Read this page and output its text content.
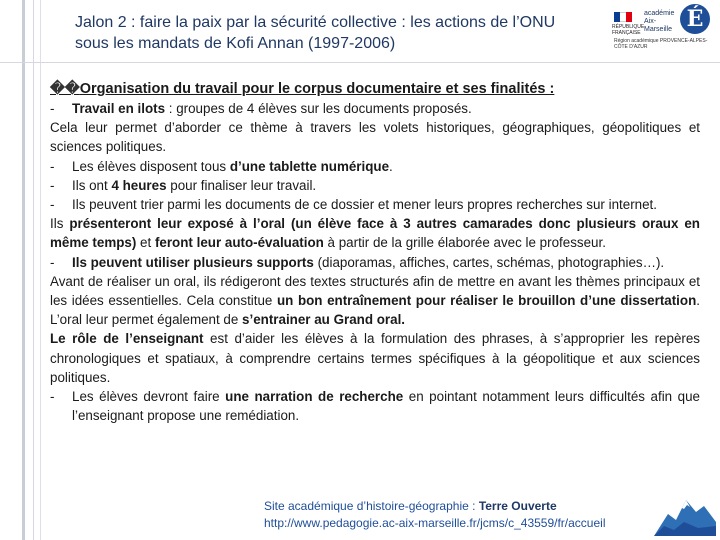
Jalon 2 : faire la paix par la sécurité collective : les actions de l’ONU sous les mandats de Kofi Annan (1997-2006)
RÉPUBLIQUE FRANÇAISE
académie Aix-Marseille É
Région académique PROVENCE-ALPES-CÔTE D'AZUR

��Organisation du travail pour le corpus documentaire et ses finalités :

-	Travail en ilots : groupes de 4 élèves sur les documents proposés.

Cela leur permet d’aborder ce thème à travers les volets historiques, géographiques, géopolitiques et sciences politiques.

-	Les élèves disposent tous d’une tablette numérique.
-	Ils ont 4 heures pour finaliser leur travail.
-	Ils peuvent trier parmi les documents de ce dossier et mener leurs propres recherches sur internet.

Ils présenteront leur exposé à l’oral (un élève face à 3 autres camarades donc plusieurs oraux en même temps) et feront leur auto-évaluation à partir de la grille élaborée avec le professeur.

-	Ils peuvent utiliser plusieurs supports (diaporamas, affiches, cartes, schémas, photographies…).

Avant de réaliser un oral, ils rédigeront des textes structurés afin de mettre en avant les thèmes principaux et les idées essentielles. Cela constitue un bon entraînement pour réaliser le brouillon d’une dissertation. L’oral leur permet également de s’entrainer au Grand oral.

Le rôle de l’enseignant est d’aider les élèves à la formulation des phrases, à s’approprier les repères chronologiques et spatiaux, à comprendre certains termes spécifiques à la géopolitique et aux sciences politiques.

-	Les élèves devront faire une narration de recherche en pointant notamment leurs difficultés afin que l’enseignant propose une remédiation.
Site académique d’histoire-géographie : Terre Ouverte
http://www.pedagogie.ac-aix-marseille.fr/jcms/c_43559/fr/accueil
